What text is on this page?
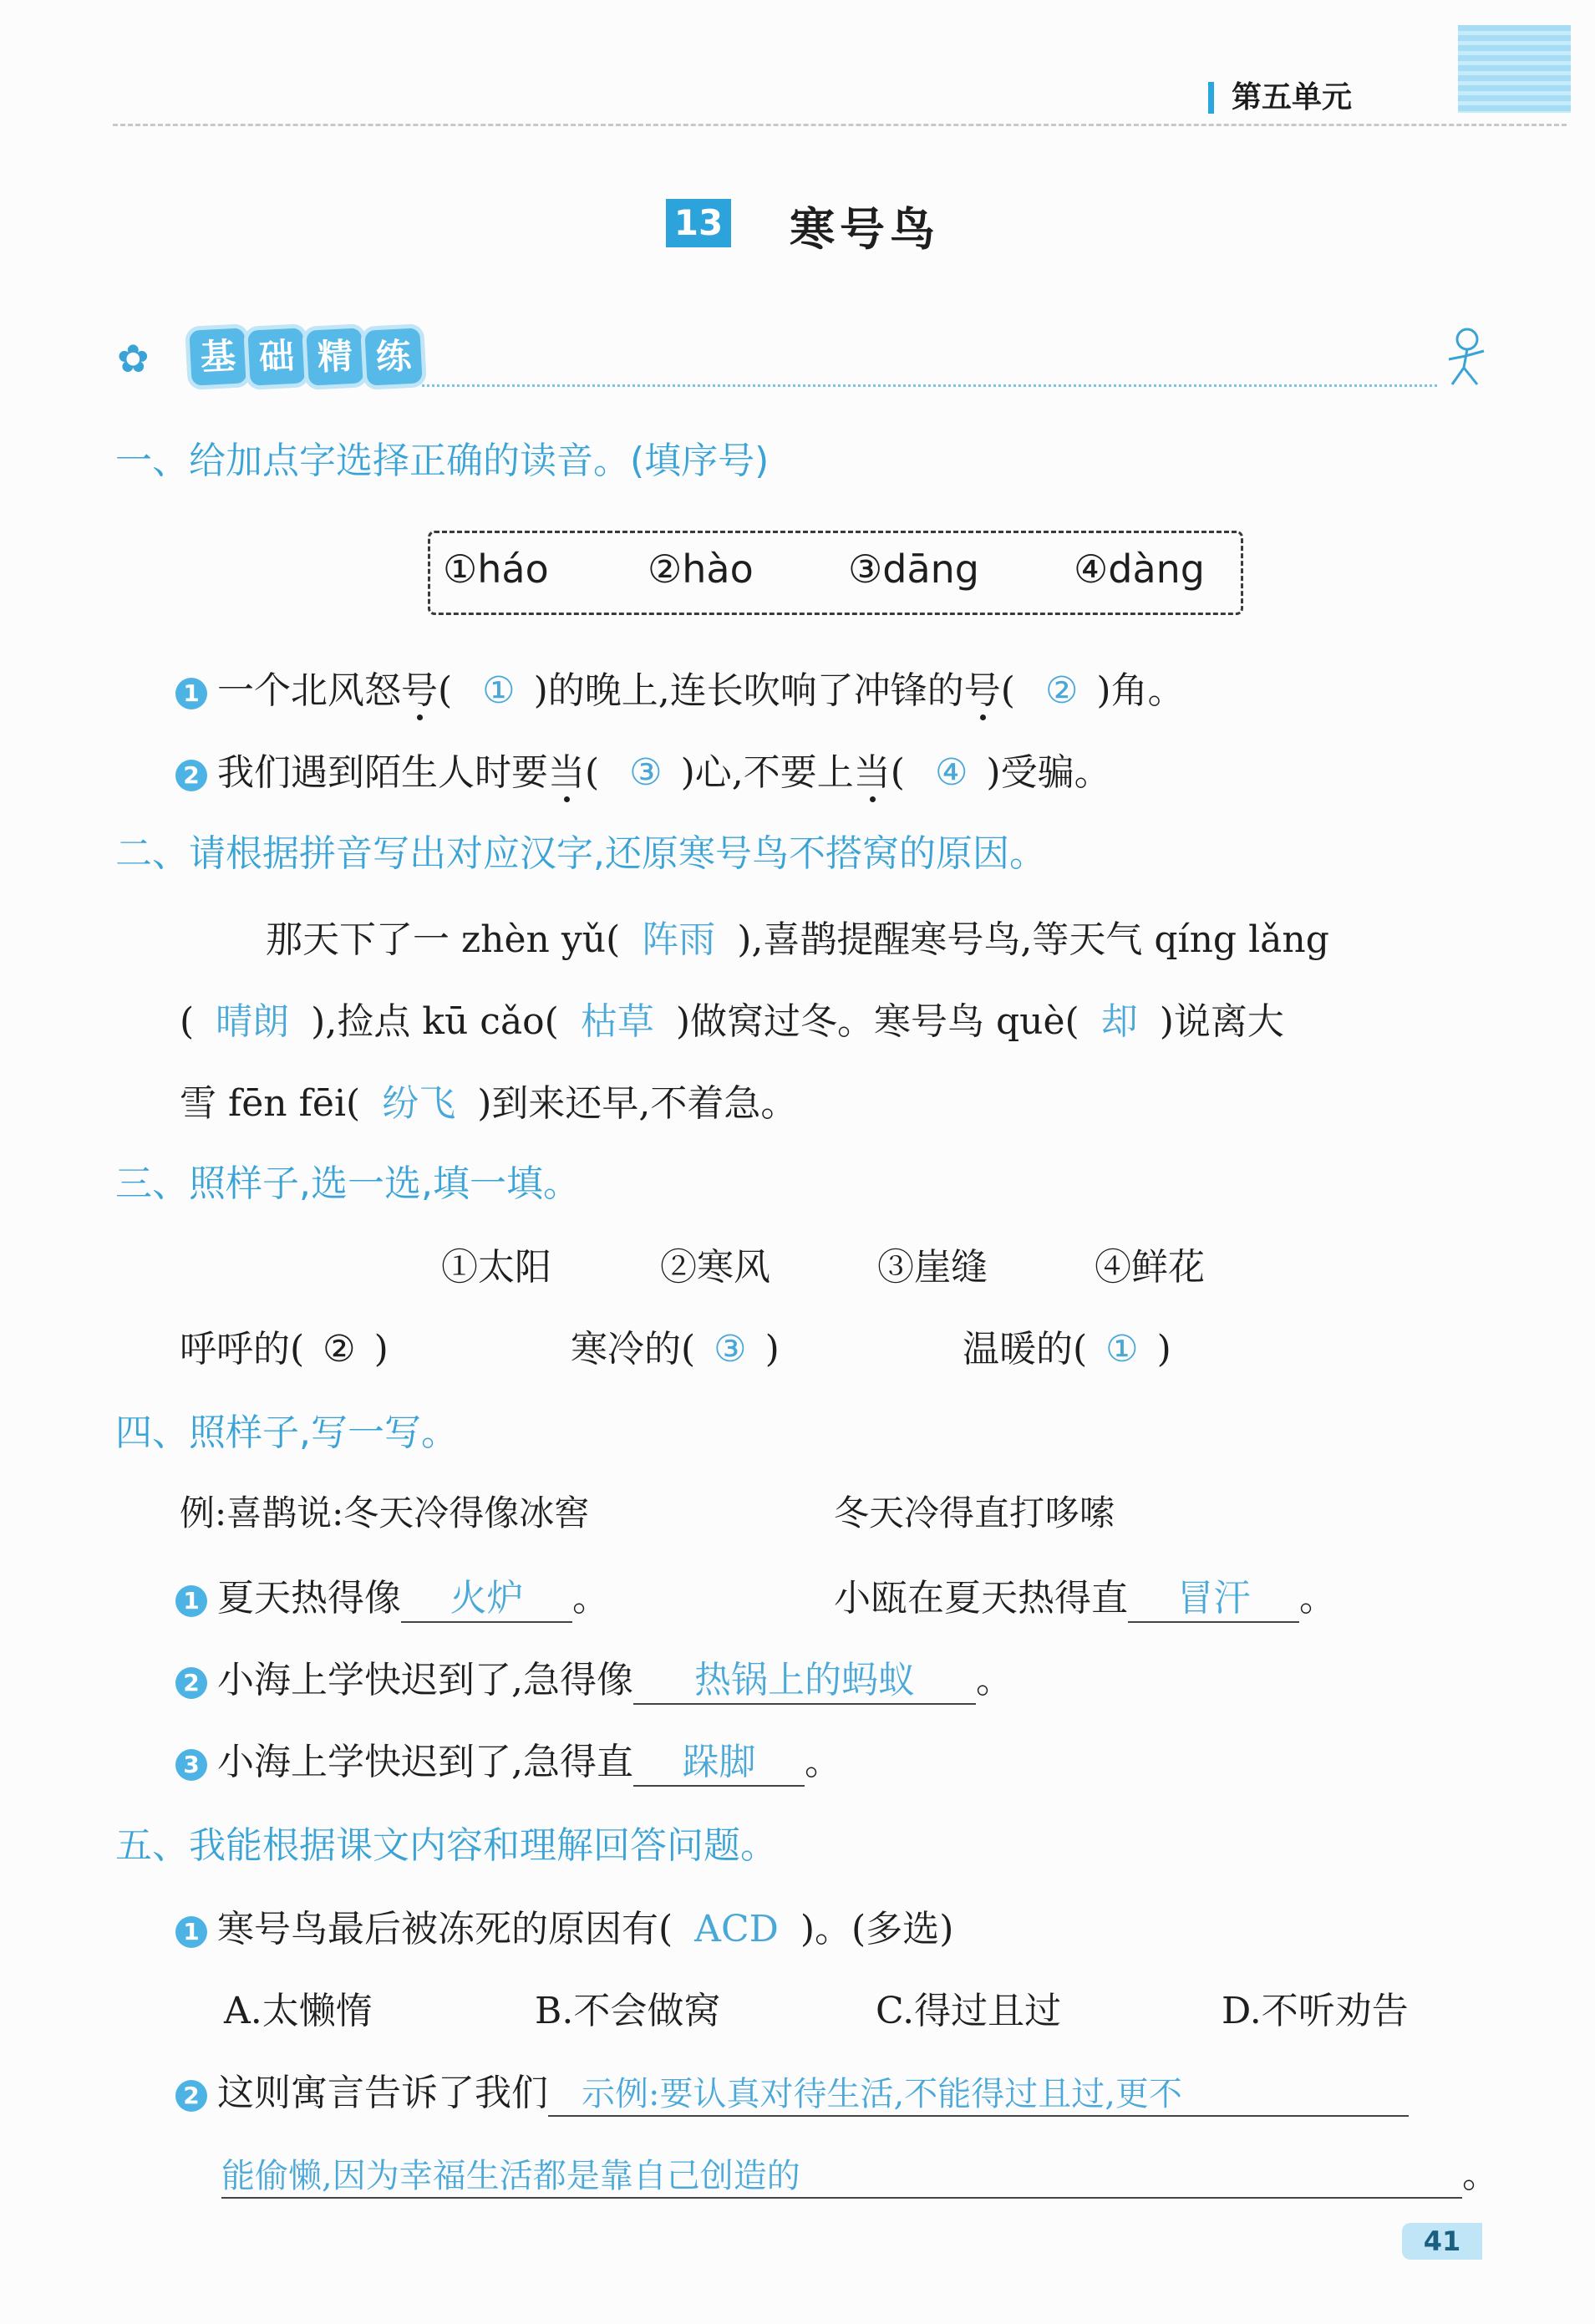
第五单元
13 寒号鸟
✿ 基 础 精 练
一、给加点字选择正确的读音。(填序号)
①háo	②hào ③dāng ④dàng
1 一个北风怒号( ① )的晚上,连长吹响了冲锋的号( ② )角。
2 我们遇到陌生人时要当( ③ )心,不要上当( ④ )受骗。
二、请根据拼音写出对应汉字,还原寒号鸟不搭窝的原因。
那天下了一 zhèn yǔ( 阵雨 ),喜鹊提醒寒号鸟,等天气 qíng lǎng
( 晴朗 ),捡点 kū cǎo( 枯草 )做窝过冬。寒号鸟 què( 却 )说离大
雪 fēn fēi( 纷飞 )到来还早,不着急。
三、照样子,选一选,填一填。
①太阳	②寒风	③崖缝	④鲜花
呼呼的( ② )	寒冷的( ③ )	温暖的( ① )
四、照样子,写一写。
例:喜鹊说:冬天冷得像冰窖	冬天冷得直打哆嗦
1 夏天热得像 火炉 。	小瓯在夏天热得直 冒汗 。
2 小海上学快迟到了,急得像 热锅上的蚂蚁 。
3 小海上学快迟到了,急得直 跺脚 。
五、我能根据课文内容和理解回答问题。
1 寒号鸟最后被冻死的原因有( ACD )。(多选)
A.太懒惰	B.不会做窝	C.得过且过	D.不听劝告
2 这则寓言告诉了我们 示例:要认真对待生活,不能得过且过,更不
能偷懒,因为幸福生活都是靠自己创造的	。
41
